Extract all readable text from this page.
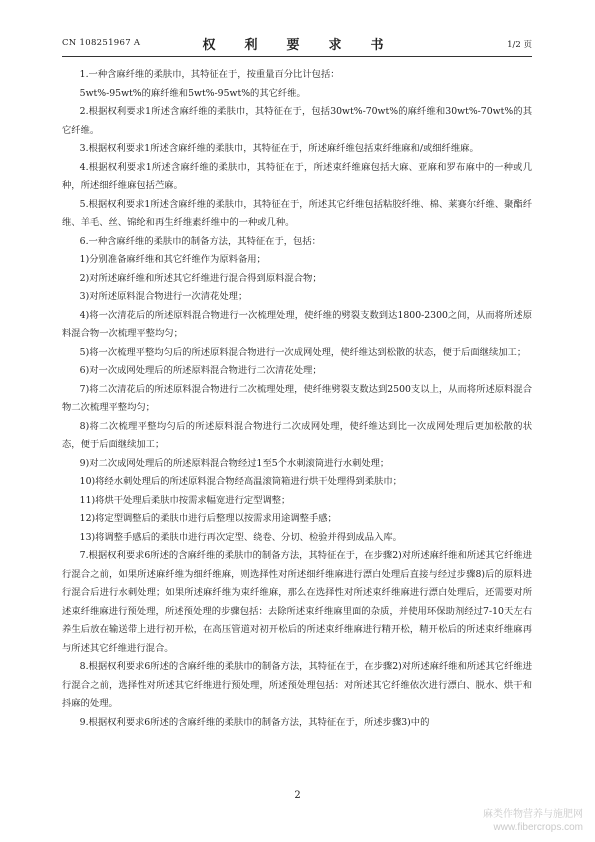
CN 108251967 A	权　利　要　求　书	1/2 页

1.一种含麻纤维的柔肤巾，其特征在于，按重量百分比计包括：

5wt%-95wt%的麻纤维和5wt%-95wt%的其它纤维。

2.根据权利要求1所述含麻纤维的柔肤巾，其特征在于，包括30wt%-70wt%的麻纤维和30wt%-70wt%的其它纤维。

3.根据权利要求1所述含麻纤维的柔肤巾，其特征在于，所述麻纤维包括束纤维麻和/或细纤维麻。

4.根据权利要求1所述含麻纤维的柔肤巾，其特征在于，所述束纤维麻包括大麻、亚麻和罗布麻中的一种或几种，所述细纤维麻包括苎麻。

5.根据权利要求1所述含麻纤维的柔肤巾，其特征在于，所述其它纤维包括粘胶纤维、棉、莱赛尔纤维、聚酯纤维、羊毛、丝、锦纶和再生纤维素纤维中的一种或几种。

6.一种含麻纤维的柔肤巾的制备方法，其特征在于，包括：

1)分别准备麻纤维和其它纤维作为原料备用；

2)对所述麻纤维和所述其它纤维进行混合得到原料混合物；

3)对所述原料混合物进行一次清花处理；

4)将一次清花后的所述原料混合物进行一次梳理处理，使纤维的劈裂支数到达1800-2300之间，从而将所述原料混合物一次梳理平整均匀；

5)将一次梳理平整均匀后的所述原料混合物进行一次成网处理，使纤维达到松散的状态，便于后面继续加工；

6)对一次成网处理后的所述原料混合物进行二次清花处理；

7)将二次清花后的所述原料混合物进行二次梳理处理，使纤维劈裂支数达到2500支以上，从而将所述原料混合物二次梳理平整均匀；

8)将二次梳理平整均匀后的所述原料混合物进行二次成网处理，使纤维达到比一次成网处理后更加松散的状态，便于后面继续加工；

9)对二次成网处理后的所述原料混合物经过1至5个水刺滚筒进行水刺处理；

10)将经水刺处理后的所述原料混合物经高温滚筒箱进行烘干处理得到柔肤巾；

11)将烘干处理后柔肤巾按需求幅宽进行定型调整；

12)将定型调整后的柔肤巾进行后整理以按需求用途调整手感；

13)将调整手感后的柔肤巾进行再次定型、绕卷、分切、检验并得到成品入库。

7.根据权利要求6所述的含麻纤维的柔肤巾的制备方法，其特征在于，在步骤2)对所述麻纤维和所述其它纤维进行混合之前，如果所述麻纤维为细纤维麻，则选择性对所述细纤维麻进行漂白处理后直接与经过步骤8)后的原料进行混合后进行水刺处理；如果所述麻纤维为束纤维麻，那么在选择性对所述束纤维麻进行漂白处理后，还需要对所述束纤维麻进行预处理，所述预处理的步骤包括：去除所述束纤维麻里面的杂质，并使用环保助剂经过7-10天左右养生后放在输送带上进行初开松，在高压管道对初开松后的所述束纤维麻进行精开松，精开松后的所述束纤维麻再与所述其它纤维进行混合。

8.根据权利要求6所述的含麻纤维的柔肤巾的制备方法，其特征在于，在步骤2)对所述麻纤维和所述其它纤维进行混合之前，选择性对所述其它纤维进行预处理，所述预处理包括：对所述其它纤维依次进行漂白、脱水、烘干和抖麻的处理。

9.根据权利要求6所述的含麻纤维的柔肤巾的制备方法，其特征在于，所述步骤3)中的

2
麻类作物营养与施肥网
www.fibercrops.com
